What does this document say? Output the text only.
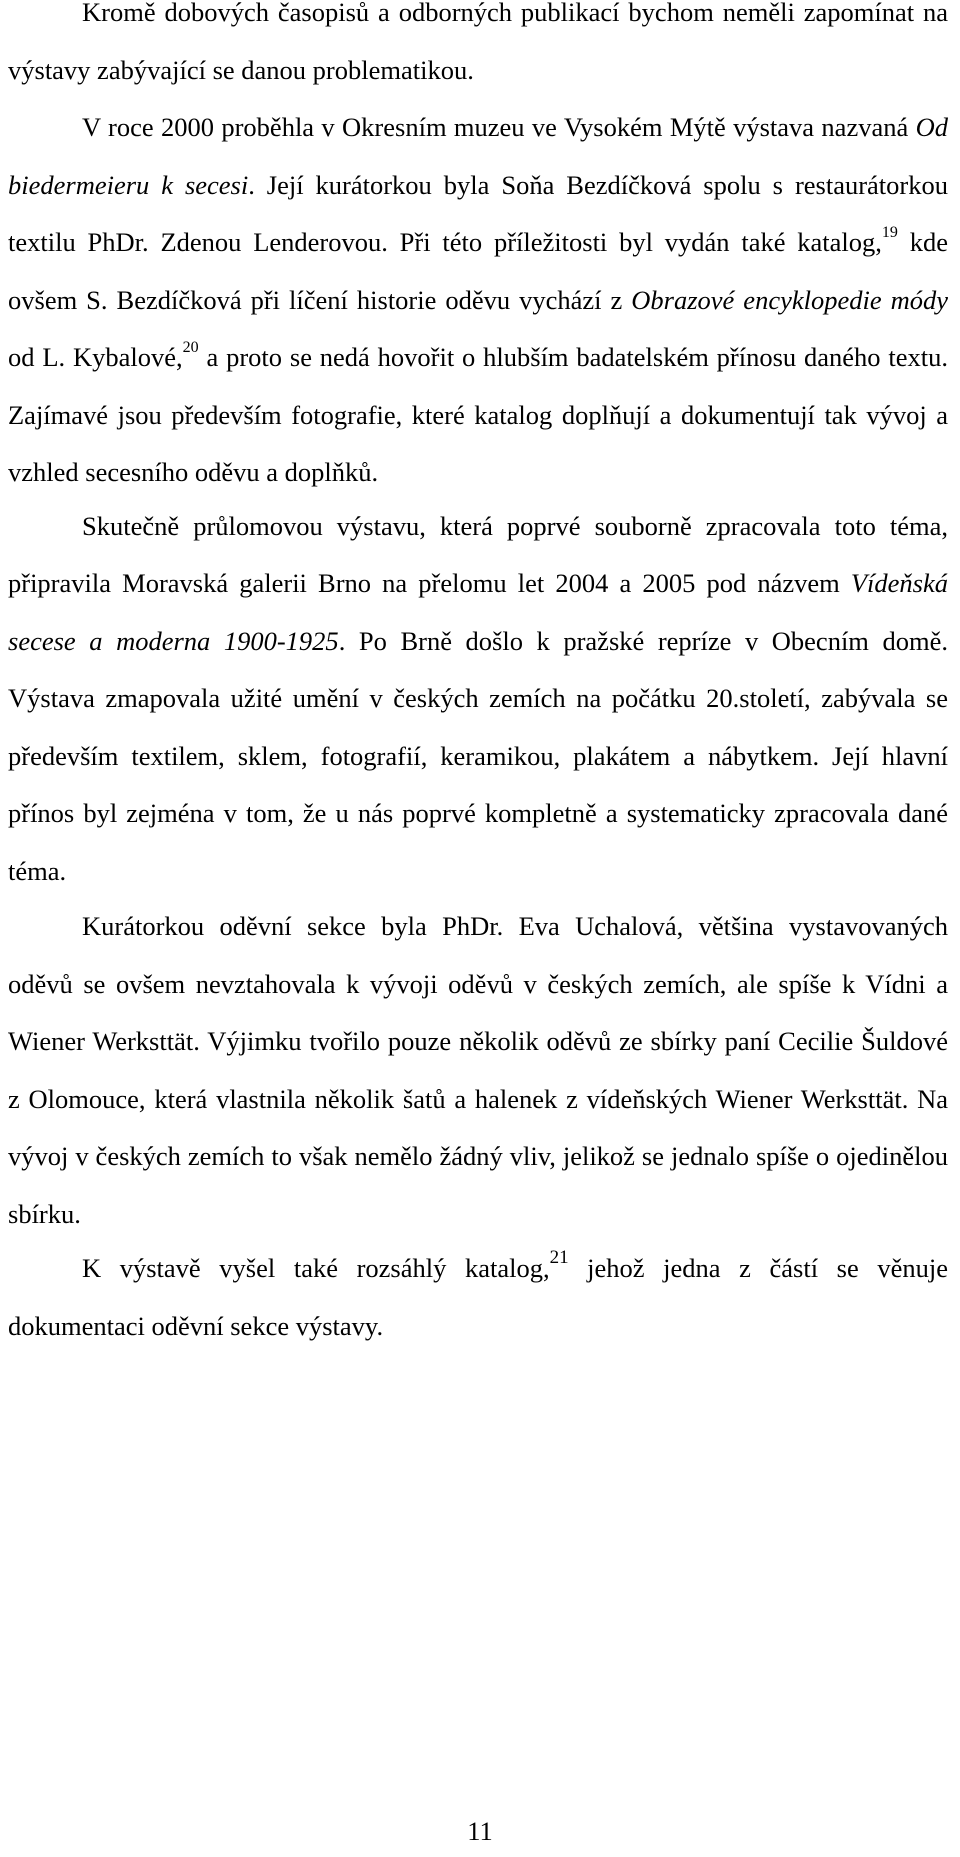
Kromě dobových časopisů a odborných publikací bychom neměli zapomínat na výstavy zabývající se danou problematikou.

V roce 2000 proběhla v Okresním muzeu ve Vysokém Mýtě výstava nazvaná Od biedermeieru k secesi. Její kurátorkou byla Soňa Bezdíčková spolu s restaurátorkou textilu PhDr. Zdenou Lenderovou. Při této příležitosti byl vydán také katalog,$^{19}$ kde ovšem S. Bezdíčková při líčení historie oděvu vychází z Obrazové encyklopedie módy od L. Kybalové,$^{20}$ a proto se nedá hovořit o hlubším badatelském přínosu daného textu. Zajímavé jsou především fotografie, které katalog doplňují a dokumentují tak vývoj a vzhled secesního oděvu a doplňků.

Skutečně průlomovou výstavu, která poprvé souborně zpracovala toto téma, připravila Moravská galerii Brno na přelomu let 2004 a 2005 pod názvem Vídeňská secese a moderna 1900-1925. Po Brně došlo k pražské repríze v Obecním domě. Výstava zmapovala užité umění v českých zemích na počátku 20.století, zabývala se především textilem, sklem, fotografií, keramikou, plakátem a nábytkem. Její hlavní přínos byl zejména v tom, že u nás poprvé kompletně a systematicky zpracovala dané téma.

Kurátorkou oděvní sekce byla PhDr. Eva Uchalová, většina vystavovaných oděvů se ovšem nevztahovala k vývoji oděvů v českých zemích, ale spíše k Vídni a Wiener Werksttät. Výjimku tvořilo pouze několik oděvů ze sbírky paní Cecilie Šuldové z Olomouce, která vlastnila několik šatů a halenek z vídeňských Wiener Werksttät. Na vývoj v českých zemích to však nemělo žádný vliv, jelikož se jednalo spíše o ojedinělou sbírku.

K výstavě vyšel také rozsáhlý katalog,$^{21}$ jehož jedna z částí se věnuje dokumentaci oděvní sekce výstavy.

11
